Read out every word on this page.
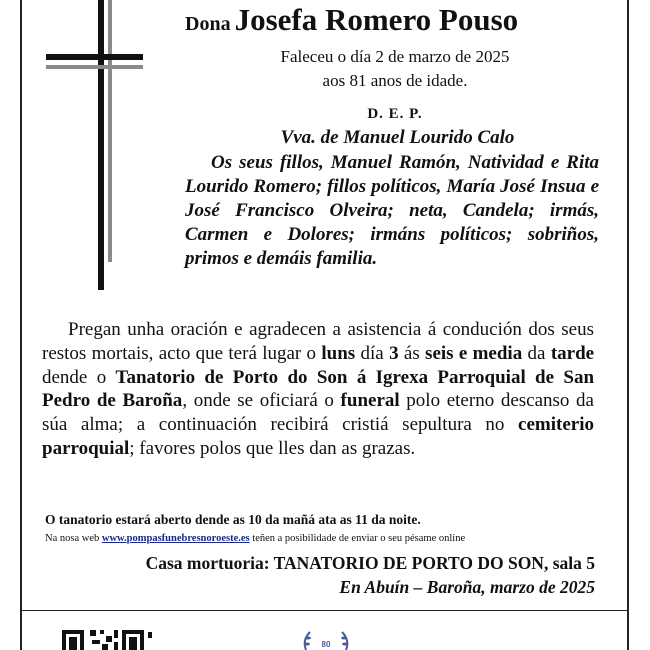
Dona Josefa Romero Pouso
Faleceu o día 2 de marzo de 2025
aos 81 anos de idade.
D. E. P.
Vva. de Manuel Lourido Calo
Os seus fillos, Manuel Ramón, Natividad e Rita Lourido Romero; fillos políticos, María José Insua e José Francisco Olveira; neta, Candela; irmás, Carmen e Dolores; irmáns políticos; sobriños, primos e demáis familia.
Pregan unha oración e agradecen a asistencia á condución dos seus restos mortais, acto que terá lugar o luns día 3 ás seis e media da tarde dende o Tanatorio de Porto do Son á Igrexa Parroquial de San Pedro de Baroña, onde se oficiará o funeral polo eterno descanso da súa alma; a continuación recibirá cristiá sepultura no cemiterio parroquial; favores polos que lles dan as grazas.
O tanatorio estará aberto dende as 10 da mañá ata as 11 da noite.
Na nosa web www.pompasfunebresnoroeste.es teñen a posibilidade de enviar o seu pésame online
Casa mortuoria: TANATORIO DE PORTO DO SON, sala 5
En Abuín – Baroña, marzo de 2025
80
